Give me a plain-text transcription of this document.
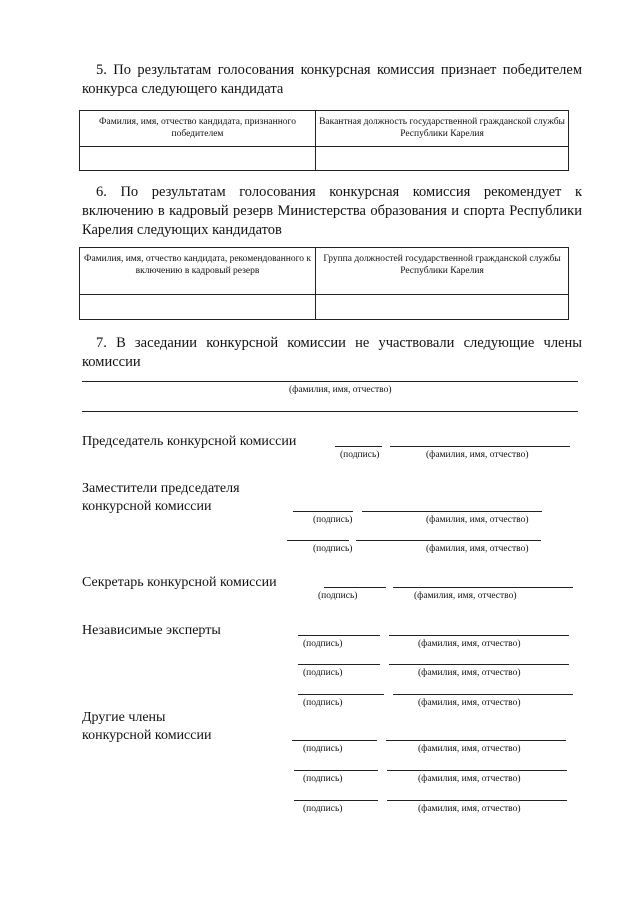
5. По результатам голосования конкурсная комиссия признает победителем конкурса следующего кандидата
Фамилия, имя, отчество кандидата, признанного победителем	Вакантная должность государственной гражданской службы Республики Карелия

6. По результатам голосования конкурсная комиссия рекомендует к включению в кадровый резерв Министерства образования и спорта Республики Карелия следующих кандидатов
Фамилия, имя, отчество кандидата, рекомендованного к включению в кадровый резерв	Группа должностей государственной гражданской службы Республики Карелия

7. В заседании конкурсной комиссии не участвовали следующие члены комиссии
(фамилия, имя, отчество)
Председатель конкурсной комиссии
(подпись)	(фамилия, имя, отчество)
Заместители председателя
конкурсной комиссии
(подпись)	(фамилия, имя, отчество)
(подпись)	(фамилия, имя, отчество)
Секретарь конкурсной комиссии
(подпись)	(фамилия, имя, отчество)
Независимые эксперты
(подпись)	(фамилия, имя, отчество)
(подпись)	(фамилия, имя, отчество)
(подпись)	(фамилия, имя, отчество)
Другие члены
конкурсной комиссии
(подпись)	(фамилия, имя, отчество)
(подпись)	(фамилия, имя, отчество)
(подпись)	(фамилия, имя, отчество)
